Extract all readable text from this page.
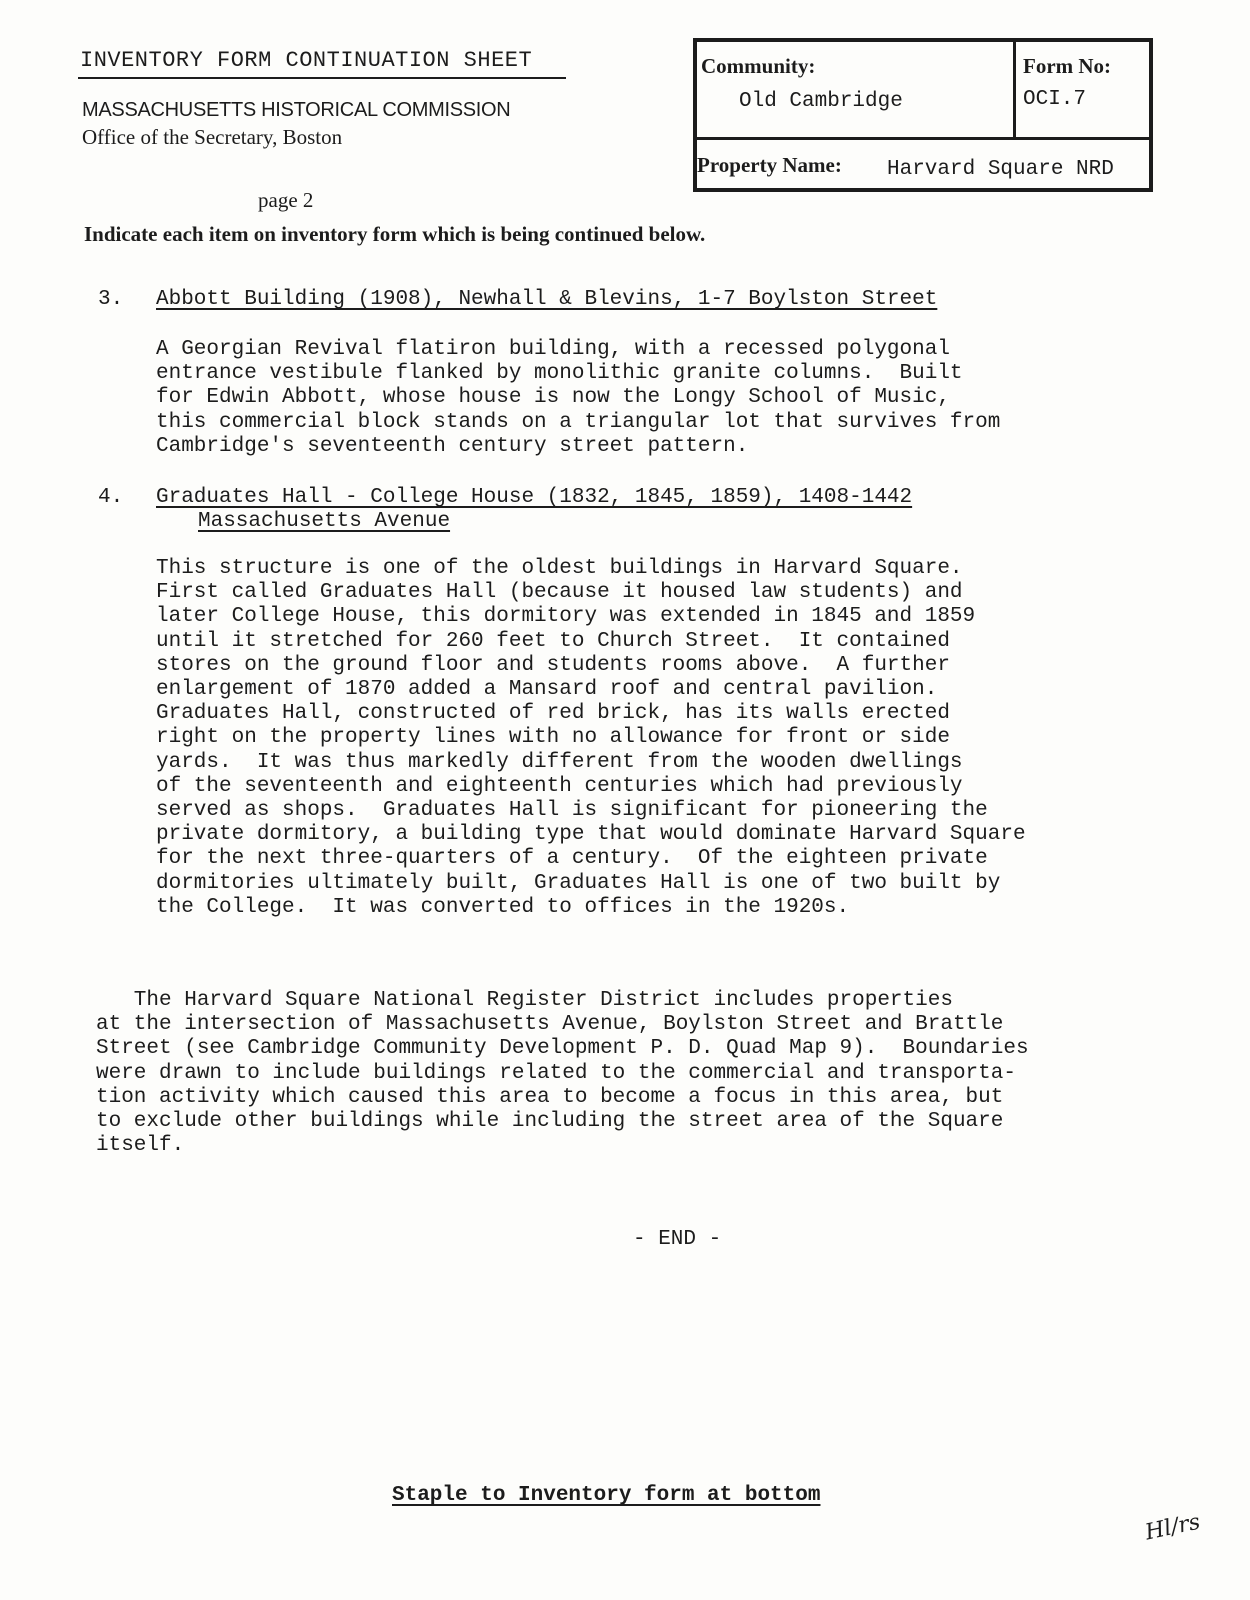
INVENTORY FORM CONTINUATION SHEET
MASSACHUSETTS HISTORICAL COMMISSION
Office of the Secretary, Boston
Community:
Old Cambridge
Form No:
OCI.7
Property Name: Harvard Square NRD
page 2
Indicate each item on inventory form which is being continued below.
3. Abbott Building (1908), Newhall & Blevins, 1-7 Boylston Street

A Georgian Revival flatiron building, with a recessed polygonal
entrance vestibule flanked by monolithic granite columns.  Built
for Edwin Abbott, whose house is now the Longy School of Music,
this commercial block stands on a triangular lot that survives from
Cambridge's seventeenth century street pattern.

4. Graduates Hall - College House (1832, 1845, 1859), 1408-1442
Massachusetts Avenue

This structure is one of the oldest buildings in Harvard Square.
First called Graduates Hall (because it housed law students) and
later College House, this dormitory was extended in 1845 and 1859
until it stretched for 260 feet to Church Street.  It contained
stores on the ground floor and students rooms above.  A further
enlargement of 1870 added a Mansard roof and central pavilion.
Graduates Hall, constructed of red brick, has its walls erected
right on the property lines with no allowance for front or side
yards.  It was thus markedly different from the wooden dwellings
of the seventeenth and eighteenth centuries which had previously
served as shops.  Graduates Hall is significant for pioneering the
private dormitory, a building type that would dominate Harvard Square
for the next three-quarters of a century.  Of the eighteen private
dormitories ultimately built, Graduates Hall is one of two built by
the College.  It was converted to offices in the 1920s.

The Harvard Square National Register District includes properties
at the intersection of Massachusetts Avenue, Boylston Street and Brattle
Street (see Cambridge Community Development P. D. Quad Map 9).  Boundaries
were drawn to include buildings related to the commercial and transporta-
tion activity which caused this area to become a focus in this area, but
to exclude other buildings while including the street area of the Square
itself.

- END -
Staple to Inventory form at bottom
Hl/rs
